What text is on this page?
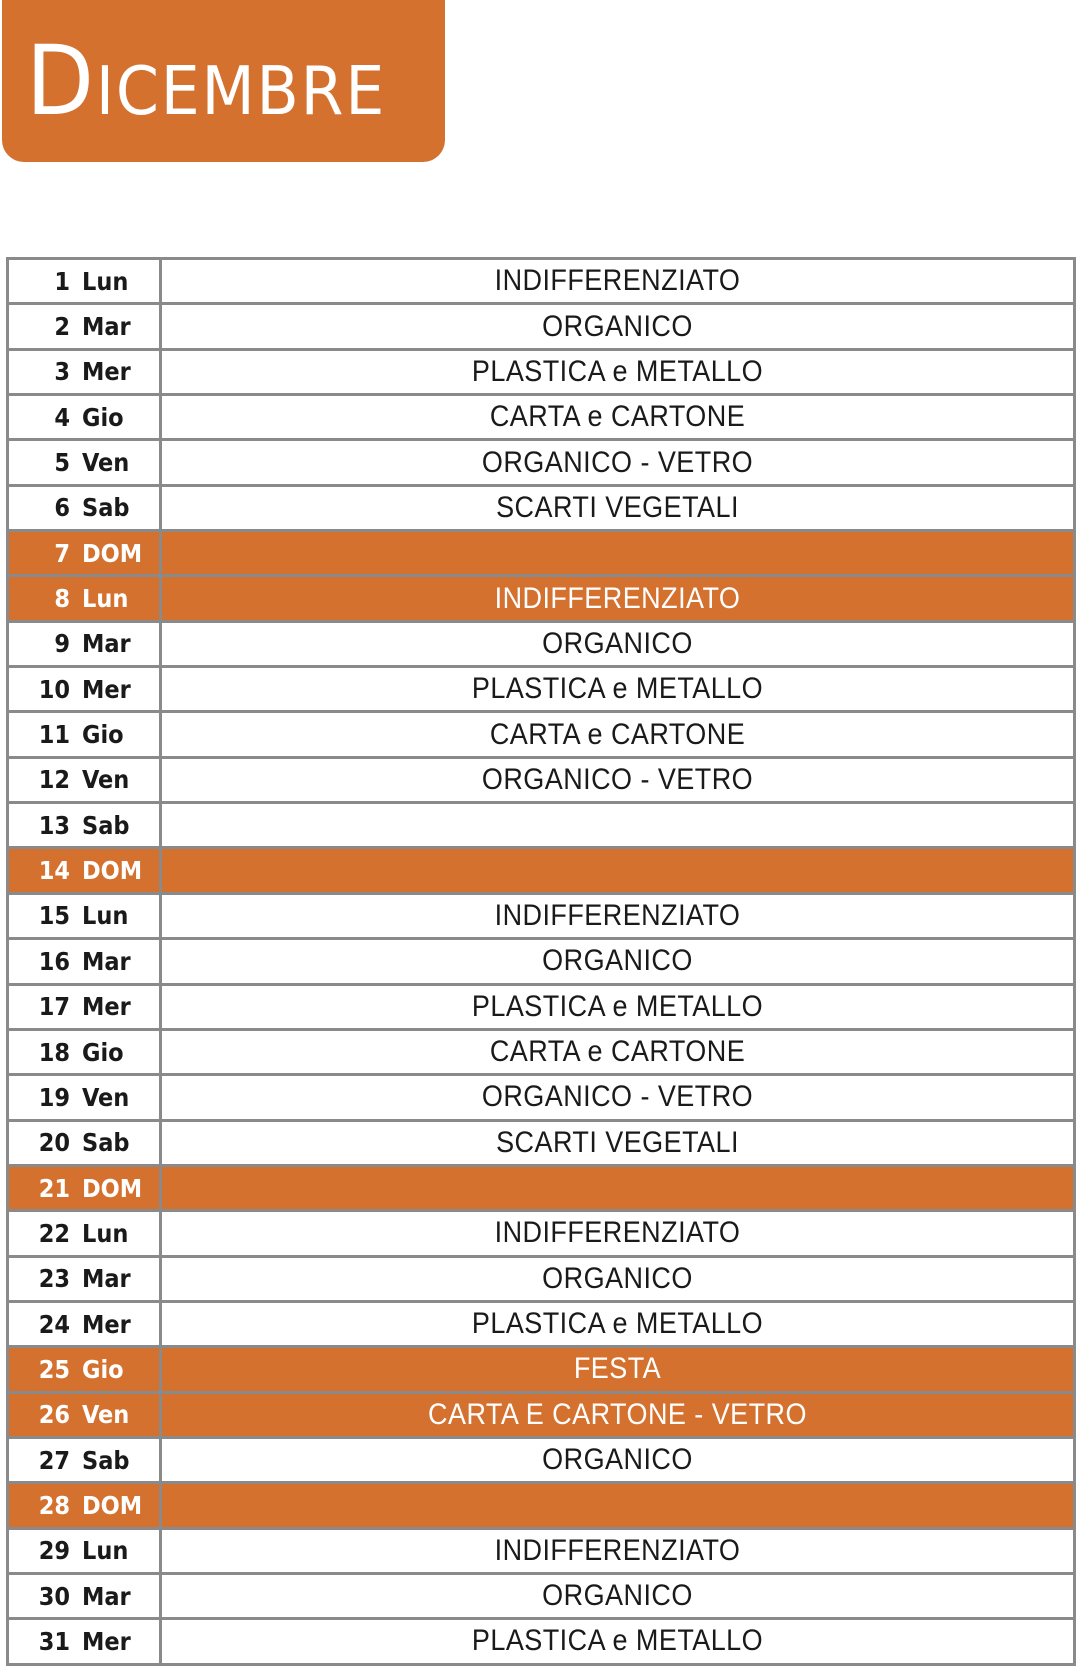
Dicembre
1 Lun	INDIFFERENZIATO
2 Mar	ORGANICO
3 Mer	PLASTICA e METALLO
4 Gio	CARTA e CARTONE
5 Ven	ORGANICO - VETRO
6 Sab	SCARTI VEGETALI
7 DOM
8 Lun	INDIFFERENZIATO
9 Mar	ORGANICO
10 Mer	PLASTICA e METALLO
11 Gio	CARTA e CARTONE
12 Ven	ORGANICO - VETRO
13 Sab
14 DOM
15 Lun	INDIFFERENZIATO
16 Mar	ORGANICO
17 Mer	PLASTICA e METALLO
18 Gio	CARTA e CARTONE
19 Ven	ORGANICO - VETRO
20 Sab	SCARTI VEGETALI
21 DOM
22 Lun	INDIFFERENZIATO
23 Mar	ORGANICO
24 Mer	PLASTICA e METALLO
25 Gio	FESTA
26 Ven	CARTA E CARTONE - VETRO
27 Sab	ORGANICO
28 DOM
29 Lun	INDIFFERENZIATO
30 Mar	ORGANICO
31 Mer	PLASTICA e METALLO
